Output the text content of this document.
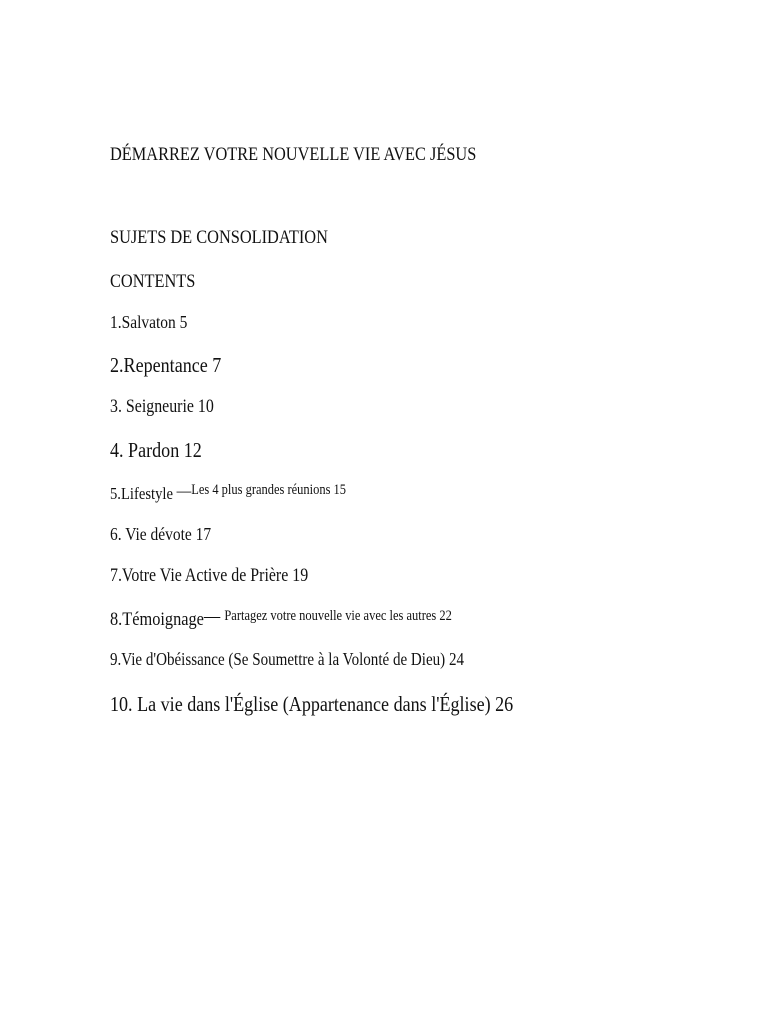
DÉMARREZ VOTRE NOUVELLE VIE AVEC JÉSUS
SUJETS DE CONSOLIDATION
CONTENTS
1.Salvaton 5
2.Repentance 7
3. Seigneurie 10
4. Pardon 12
5.Lifestyle —Les 4 plus grandes réunions 15
6. Vie dévote 17
7.Votre Vie Active de Prière 19
8.Témoignage— $^{Partagez votre nouvelle vie avec les autres 22}$
9.Vie d'Obéissance (Se Soumettre à la Volonté de Dieu) 24
10. La vie dans l'Église (Appartenance dans l'Église) 26
